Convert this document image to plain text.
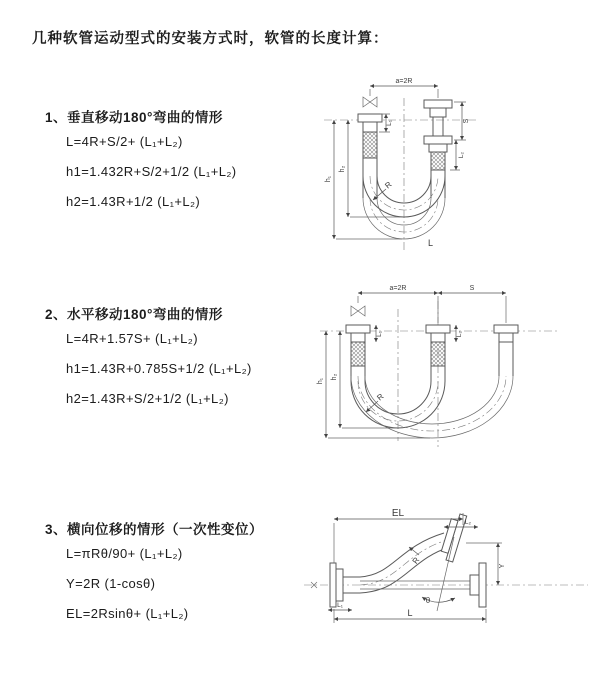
几种软管运动型式的安装方式时，软管的长度计算：
1、垂直移动180°弯曲的情形
L=4R+S/2+ (L₁+L₂)
h1=1.432R+S/2+1/2 (L₁+L₂)
h2=1.43R+1/2 (L₁+L₂)
2、水平移动180°弯曲的情形
L=4R+1.57S+ (L₁+L₂)
h1=1.43R+0.785S+1/2 (L₁+L₂)
h2=1.43R+S/2+1/2 (L₁+L₂)
3、横向位移的情形（一次性变位）
L=πRθ/90+ (L₁+L₂)
Y=2R (1-cosθ)
EL=2Rsinθ+ (L₁+L₂)
a=2R
L₁	S
L₂
h₁
h₂
R
L
a=2R	S
L₁	L₂
h₁
h₂
R
θ
R
EL
L₂
Y
L₁
L
